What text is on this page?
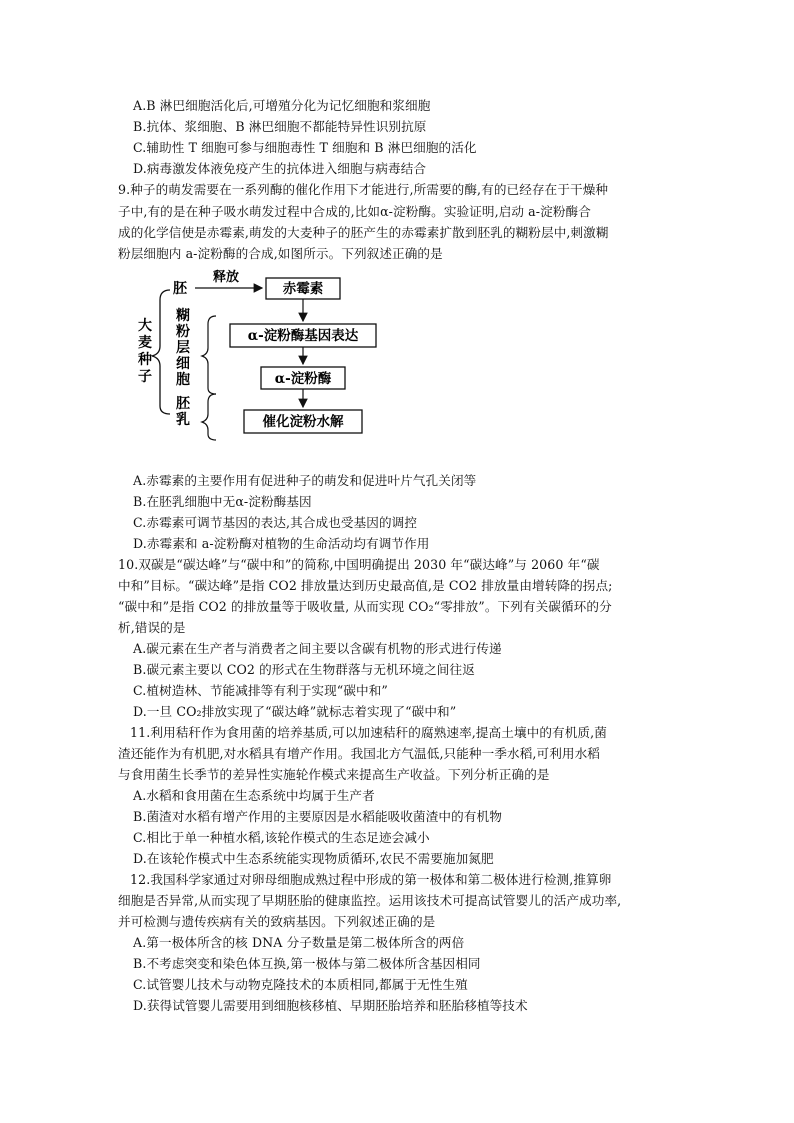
A.B 淋巴细胞活化后,可增殖分化为记忆细胞和浆细胞
B.抗体、浆细胞、B 淋巴细胞不都能特异性识别抗原
C.辅助性 T 细胞可参与细胞毒性 T 细胞和 B 淋巴细胞的活化
D.病毒激发体液免疫产生的抗体进入细胞与病毒结合
9.种子的萌发需要在一系列酶的催化作用下才能进行,所需要的酶,有的已经存在于干燥种
子中,有的是在种子吸水萌发过程中合成的,比如α-淀粉酶。实验证明,启动 a-淀粉酶合
成的化学信使是赤霉素,萌发的大麦种子的胚产生的赤霉素扩散到胚乳的糊粉层中,刺激糊
粉层细胞内 a-淀粉酶的合成,如图所示。下列叙述正确的是
大
麦
种
子
胚
释放
糊
粉
层
细
胞
胚
乳
赤霉素
α-淀粉酶基因表达
α-淀粉酶
催化淀粉水解
A.赤霉素的主要作用有促进种子的萌发和促进叶片气孔关闭等
B.在胚乳细胞中无α-淀粉酶基因
C.赤霉素可调节基因的表达,其合成也受基因的调控
D.赤霉素和 a-淀粉酶对植物的生命活动均有调节作用
10.双碳是“碳达峰”与“碳中和”的简称,中国明确提出 2030 年“碳达峰”与 2060 年“碳
中和”目标。“碳达峰”是指 CO2 排放量达到历史最高值,是 CO2 排放量由增转降的拐点;
“碳中和”是指 CO2 的排放量等于吸收量, 从而实现 CO₂“零排放”。下列有关碳循环的分
析,错误的是
A.碳元素在生产者与消费者之间主要以含碳有机物的形式进行传递
B.碳元素主要以 CO2 的形式在生物群落与无机环境之间往返
C.植树造林、节能减排等有利于实现“碳中和”
D.一旦 CO₂排放实现了“碳达峰”就标志着实现了“碳中和”
11.利用秸秆作为食用菌的培养基质,可以加速秸秆的腐熟速率,提高土壤中的有机质,菌
渣还能作为有机肥,对水稻具有增产作用。我国北方气温低,只能种一季水稻,可利用水稻
与食用菌生长季节的差异性实施轮作模式来提高生产收益。下列分析正确的是
A.水稻和食用菌在生态系统中均属于生产者
B.菌渣对水稻有增产作用的主要原因是水稻能吸收菌渣中的有机物
C.相比于单一种植水稻,该轮作模式的生态足迹会减小
D.在该轮作模式中生态系统能实现物质循环,农民不需要施加氮肥
12.我国科学家通过对卵母细胞成熟过程中形成的第一极体和第二极体进行检测,推算卵
细胞是否异常,从而实现了早期胚胎的健康监控。运用该技术可提高试管婴儿的活产成功率,
并可检测与遗传疾病有关的致病基因。下列叙述正确的是
A.第一极体所含的核 DNA 分子数量是第二极体所含的两倍
B.不考虑突变和染色体互换,第一极体与第二极体所含基因相同
C.试管婴儿技术与动物克隆技术的本质相同,都属于无性生殖
D.获得试管婴儿需要用到细胞核移植、早期胚胎培养和胚胎移植等技术
